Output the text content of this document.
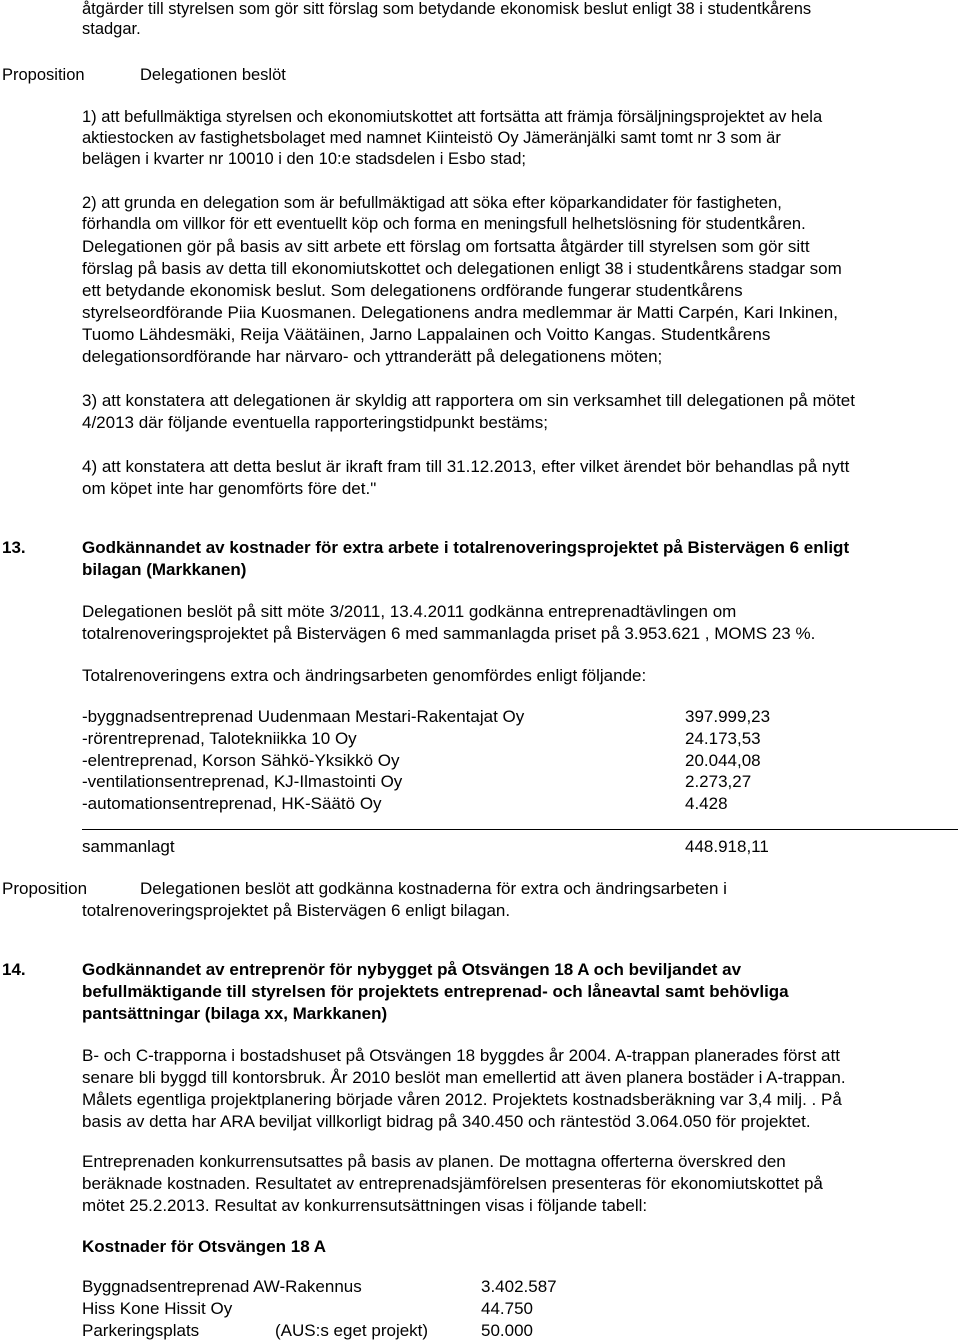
åtgärder till styrelsen som gör sitt förslag som betydande ekonomisk beslut enligt 38 i studentkårens
stadgar.
Proposition	Delegationen beslöt
1) att befullmäktiga styrelsen och ekonomiutskottet att fortsätta att främja försäljningsprojektet av hela
aktiestocken av fastighetsbolaget med namnet Kiinteistö Oy Jämeränjälki samt tomt nr 3 som är
belägen i kvarter nr 10010 i den 10:e stadsdelen i Esbo stad;
2) att grunda en delegation som är befullmäktigad att söka efter köparkandidater för fastigheten,
förhandla om villkor för ett eventuellt köp och forma en meningsfull helhetslösning för studentkåren.
Delegationen gör på basis av sitt arbete ett förslag om fortsatta åtgärder till styrelsen som gör sitt
förslag på basis av detta till ekonomiutskottet och delegationen enligt 38 i studentkårens stadgar som
ett betydande ekonomisk beslut. Som delegationens ordförande fungerar studentkårens
styrelseordförande Piia Kuosmanen. Delegationens andra medlemmar är Matti Carpén, Kari Inkinen,
Tuomo Lähdesmäki, Reija Väätäinen, Jarno Lappalainen och Voitto Kangas. Studentkårens
delegationsordförande har närvaro- och yttranderätt på delegationens möten;
3) att konstatera att delegationen är skyldig att rapportera om sin verksamhet till delegationen på mötet
4/2013 där följande eventuella rapporteringstidpunkt bestäms;
4) att konstatera att detta beslut är ikraft fram till 31.12.2013, efter vilket ärendet bör behandlas på nytt
om köpet inte har genomförts före det."
13.	Godkännandet av kostnader för extra arbete i totalrenoveringsprojektet på Bistervägen 6 enligt
bilagan (Markkanen)
Delegationen beslöt på sitt möte 3/2011, 13.4.2011 godkänna entreprenadtävlingen om
totalrenoveringsprojektet på Bistervägen 6 med sammanlagda priset på 3.953.621 , MOMS 23 %.
Totalrenoveringens extra och ändringsarbeten genomfördes enligt följande:
-byggnadsentreprenad Uudenmaan Mestari-Rakentajat Oy	397.999,23
-rörentreprenad, Talotekniikka 10 Oy	24.173,53
-elentreprenad, Korson Sähkö-Yksikkö Oy	20.044,08
-ventilationsentreprenad, KJ-Ilmastointi Oy	2.273,27
-automationsentreprenad, HK-Säätö Oy	4.428
sammanlagt	448.918,11
Proposition	Delegationen beslöt att godkänna kostnaderna för extra och ändringsarbeten i
totalrenoveringsprojektet på Bistervägen 6 enligt bilagan.
14.	Godkännandet av entreprenör för nybygget på Otsvängen 18 A och beviljandet av
befullmäktigande till styrelsen för projektets entreprenad- och låneavtal samt behövliga
pantsättningar (bilaga xx, Markkanen)
B- och C-trapporna i bostadshuset på Otsvängen 18 byggdes år 2004. A-trappan planerades först att
senare bli byggd till kontorsbruk. År 2010 beslöt man emellertid att även planera bostäder i A-trappan.
Målets egentliga projektplanering började våren 2012. Projektets kostnadsberäkning var 3,4 milj. . På
basis av detta har ARA beviljat villkorligt bidrag på 340.450 och räntestöd 3.064.050 för projektet.
Entreprenaden konkurrensutsattes på basis av planen. De mottagna offerterna överskred den
beräknade kostnaden. Resultatet av entreprenadsjämförelsen presenteras för ekonomiutskottet på
mötet 25.2.2013. Resultat av konkurrensutsättningen visas i följande tabell:
Kostnader för Otsvängen 18 A
Byggnadsentreprenad AW-Rakennus	3.402.587
Hiss Kone Hissit Oy	44.750
Parkeringsplats	(AUS:s eget projekt)	50.000
